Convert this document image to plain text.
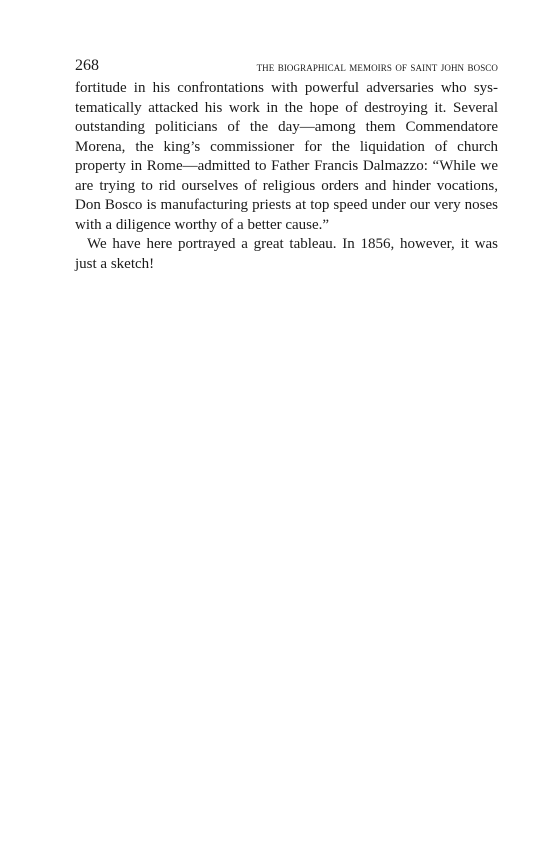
268	the biographical memoirs of saint john bosco

fortitude in his confrontations with powerful adversaries who systematically attacked his work in the hope of destroying it. Several outstanding politicians of the day—among them Commendatore Morena, the king’s commissioner for the liquidation of church property in Rome—admitted to Father Francis Dalmazzo: “While we are trying to rid ourselves of religious orders and hinder vocations, Don Bosco is manufacturing priests at top speed under our very noses with a diligence worthy of a better cause.”

We have here portrayed a great tableau. In 1856, however, it was just a sketch!
